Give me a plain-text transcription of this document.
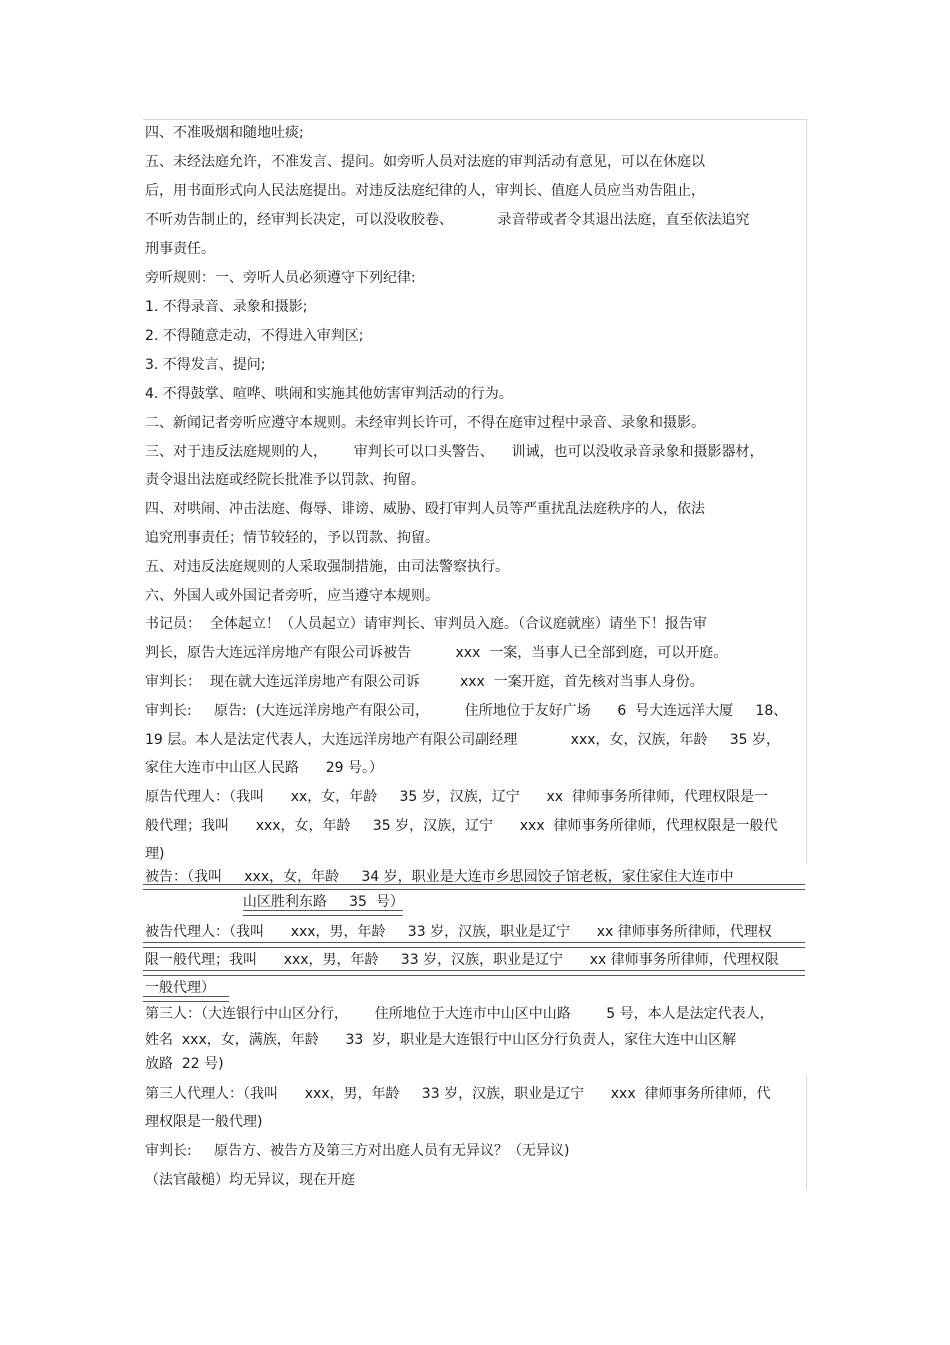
四、不准吸烟和随地吐痰;
五、未经法庭允许，不准发言、提问。如旁听人员对法庭的审判活动有意见，可以在休庭以
后，用书面形式向人民法庭提出。对违反法庭纪律的人，审判长、值庭人员应当劝告阻止，
不听劝告制止的，经审判长决定，可以没收胶卷、          录音带或者令其退出法庭，直至依法追究
刑事责任。
旁听规则：一、旁听人员必须遵守下列纪律:
1. 不得录音、录象和摄影;
2. 不得随意走动，不得进入审判区;
3. 不得发言、提问;
4. 不得鼓掌、喧哗、哄闹和实施其他妨害审判活动的行为。
二、新闻记者旁听应遵守本规则。未经审判长许可，不得在庭审过程中录音、录象和摄影。
三、对于违反法庭规则的人，      审判长可以口头警告、    训诫，也可以没收录音录象和摄影器材，
责令退出法庭或经院长批准予以罚款、拘留。
四、对哄闹、冲击法庭、侮辱、诽谤、威胁、殴打审判人员等严重扰乱法庭秩序的人，依法
追究刑事责任；情节较轻的，予以罚款、拘留。
五、对违反法庭规则的人采取强制措施，由司法警察执行。
六、外国人或外国记者旁听，应当遵守本规则。
书记员：  全体起立！（人员起立）请审判长、审判员入庭。（合议庭就座）请坐下！报告审
判长，原告大连远洋房地产有限公司诉被告          xxx  一案，当事人已全部到庭，可以开庭。
审判长：  现在就大连远洋房地产有限公司诉         xxx  一案开庭，首先核对当事人身份。
审判长:     原告:  (大连远洋房地产有限公司，        住所地位于友好广场      6  号大连远洋大厦     18、
19 层。本人是法定代表人，大连远洋房地产有限公司副经理            xxx，女，汉族，年龄     35 岁，
家住大连市中山区人民路      29 号。）
原告代理人：（我叫      xx，女，年龄     35 岁，汉族，辽宁      xx  律师事务所律师，代理权限是一
般代理；我叫      xxx，女，年龄     35 岁，汉族，辽宁      xxx  律师事务所律师，代理权限是一般代
理)
被告：（我叫     xxx，女，年龄     34 岁，职业是大连市乡思园饺子馆老板，家住家住大连市中
山区胜利东路     35  号）
被告代理人：（我叫      xxx，男，年龄     33 岁，汉族，职业是辽宁      xx 律师事务所律师，代理权
限一般代理；我叫      xxx，男，年龄     33 岁，汉族，职业是辽宁      xx 律师事务所律师，代理权限
一般代理）
第三人：（大连银行中山区分行，      住所地位于大连市中山区中山路        5 号，本人是法定代表人，
姓名  xxx，女，满族，年龄      33  岁，职业是大连银行中山区分行负责人，家住大连中山区解
放路  22 号)
第三人代理人：（我叫      xxx，男，年龄     33 岁，汉族，职业是辽宁      xxx  律师事务所律师，代
理权限是一般代理)
审判长:     原告方、被告方及第三方对出庭人员有无异议？（无异议)
（法官敲槌）均无异议，现在开庭
